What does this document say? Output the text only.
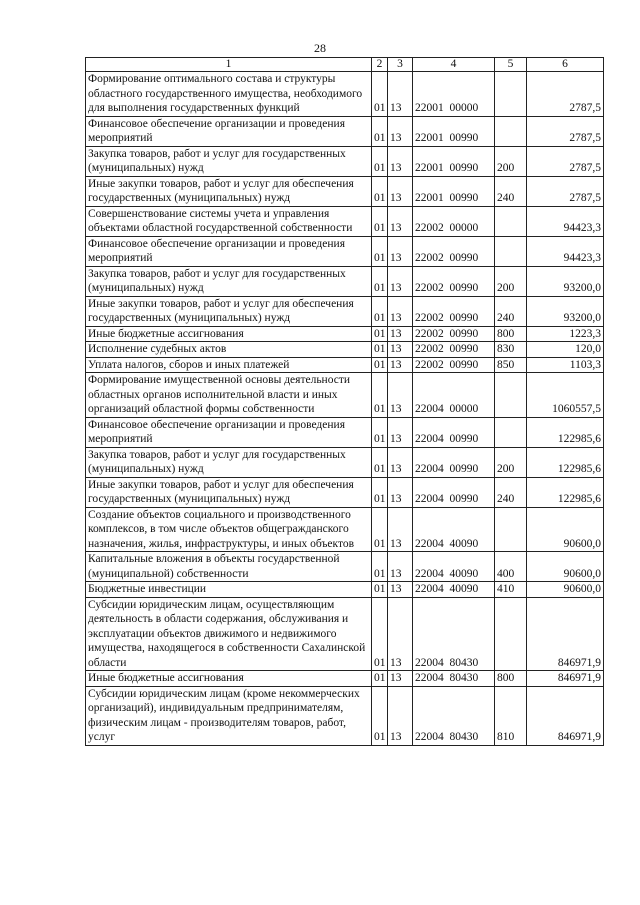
28
1	2	3	4	5	6
Формирование оптимального состава и структуры областного государственного имущества, необходимого для выполнения государственных функций	01	13	22001  00000		2787,5
Финансовое обеспечение организации и проведения мероприятий	01	13	22001  00990		2787,5
Закупка товаров, работ и услуг для государственных (муниципальных) нужд	01	13	22001  00990	200	2787,5
Иные закупки товаров, работ и услуг для обеспечения государственных (муниципальных) нужд	01	13	22001  00990	240	2787,5
Совершенствование системы учета и управления объектами областной государственной собственности	01	13	22002  00000		94423,3
Финансовое обеспечение организации и проведения мероприятий	01	13	22002  00990		94423,3
Закупка товаров, работ и услуг для государственных (муниципальных) нужд	01	13	22002  00990	200	93200,0
Иные закупки товаров, работ и услуг для обеспечения государственных (муниципальных) нужд	01	13	22002  00990	240	93200,0
Иные бюджетные ассигнования	01	13	22002  00990	800	1223,3
Исполнение судебных актов	01	13	22002  00990	830	120,0
Уплата налогов, сборов и иных платежей	01	13	22002  00990	850	1103,3
Формирование имущественной основы деятельности областных органов исполнительной власти и иных организаций областной формы собственности	01	13	22004  00000		1060557,5
Финансовое обеспечение организации и проведения мероприятий	01	13	22004  00990		122985,6
Закупка товаров, работ и услуг для государственных (муниципальных) нужд	01	13	22004  00990	200	122985,6
Иные закупки товаров, работ и услуг для обеспечения государственных (муниципальных) нужд	01	13	22004  00990	240	122985,6
Создание объектов социального и производственного комплексов, в том числе объектов общегражданского назначения, жилья, инфраструктуры, и иных объектов	01	13	22004  40090		90600,0
Капитальные вложения в объекты государственной (муниципальной) собственности	01	13	22004  40090	400	90600,0
Бюджетные инвестиции	01	13	22004  40090	410	90600,0
Субсидии юридическим лицам, осуществляющим деятельность в области содержания, обслуживания и эксплуатации объектов движимого и недвижимого имущества, находящегося в собственности Сахалинской области	01	13	22004  80430		846971,9
Иные бюджетные ассигнования	01	13	22004  80430	800	846971,9
Субсидии юридическим лицам (кроме некоммерческих организаций), индивидуальным предпринимателям, физическим лицам - производителям товаров, работ, услуг	01	13	22004  80430	810	846971,9
